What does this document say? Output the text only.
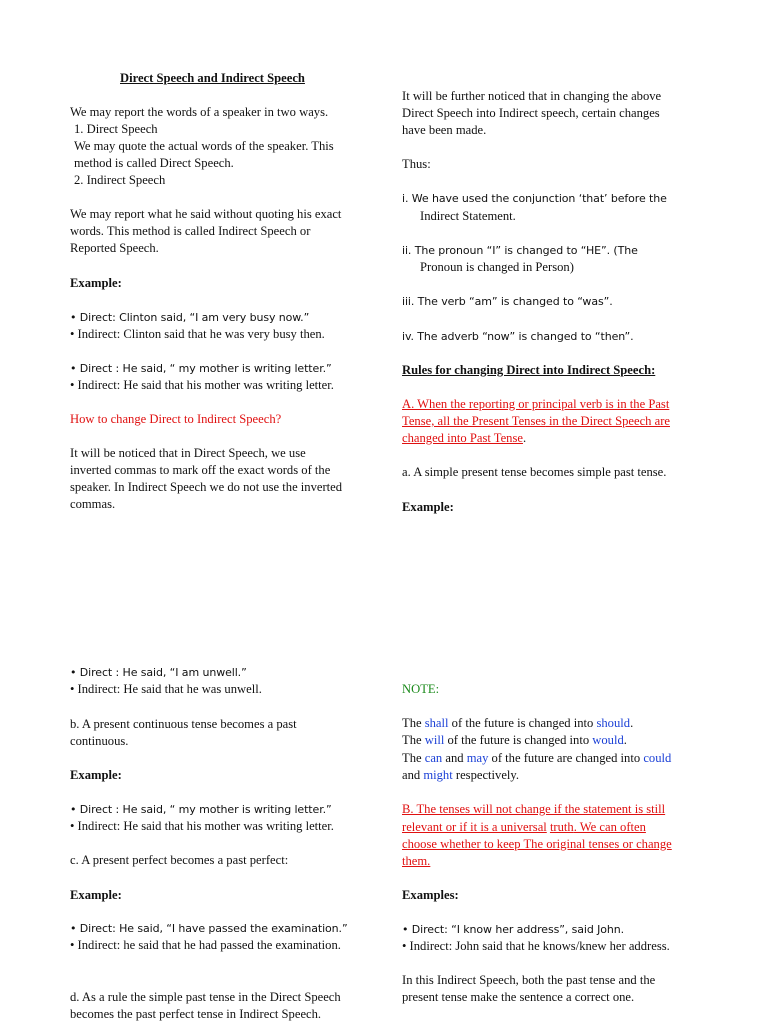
Direct Speech and Indirect Speech

We may report the words of a speaker in two ways.

1. Direct Speech

We may quote the actual words of the speaker. This

method is called Direct Speech.

2. Indirect Speech

We may report what he said without quoting his exact

words. This method is called Indirect Speech or

Reported Speech.

Example:

• Direct: Clinton said, “I am very busy now.”

• Indirect: Clinton said that he was very busy then.

• Direct : He said, “ my mother is writing letter.”

• Indirect: He said that his mother was writing letter.

How to change Direct to Indirect Speech?

It will be noticed that in Direct Speech, we use

inverted commas to mark off the exact words of the

speaker. In Indirect Speech we do not use the inverted

commas.

• Direct : He said, “I am unwell.”

• Indirect: He said that he was unwell.

b. A present continuous tense becomes a past

continuous.

Example:

• Direct : He said, “ my mother is writing letter.”

• Indirect: He said that his mother was writing letter.

c. A present perfect becomes a past perfect:

Example:

• Direct: He said, “I have passed the examination.”

• Indirect: he said that he had passed the examination.

d. As a rule the simple past tense in the Direct Speech

becomes the past perfect tense in Indirect Speech.

It will be further noticed that in changing the above

Direct Speech into Indirect speech, certain changes

have been made.

Thus:

i. We have used the conjunction ‘that’ before the

Indirect Statement.

ii. The pronoun “I” is changed to “HE”. (The

Pronoun is changed in Person)

iii. The verb “am” is changed to “was”.

iv. The adverb “now” is changed to “then”.

Rules for changing Direct into Indirect Speech:

A. When the reporting or principal verb is in the Past

Tense, all the Present Tenses in the Direct Speech are

changed into Past Tense.

a. A simple present tense becomes simple past tense.

Example:

NOTE:

The shall of the future is changed into should.

The will of the future is changed into would.

The can and may of the future are changed into could

and might respectively.

B. The tenses will not change if the statement is still

relevant or if it is a universal truth. We can often

choose whether to keep The original tenses or change

them.

Examples:

• Direct: “I know her address”, said John.

• Indirect: John said that he knows/knew her address.

In this Indirect Speech, both the past tense and the

present tense make the sentence a correct one.
